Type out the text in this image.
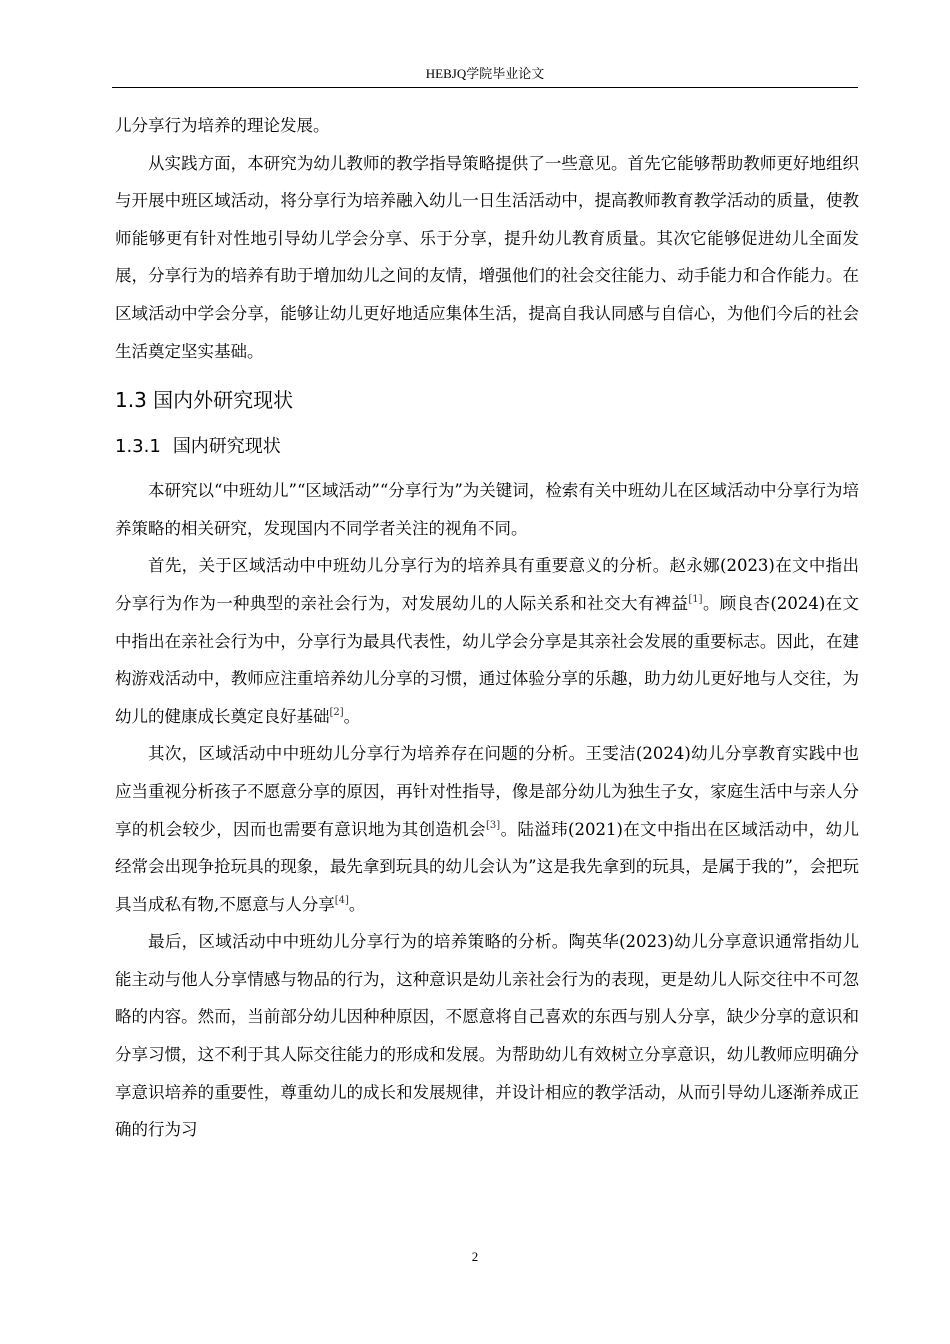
HEBJQ学院毕业论文

儿分享行为培养的理论发展。

从实践方面，本研究为幼儿教师的教学指导策略提供了一些意见。首先它能够帮助教师更好地组织与开展中班区域活动，将分享行为培养融入幼儿一日生活活动中，提高教师教育教学活动的质量，使教师能够更有针对性地引导幼儿学会分享、乐于分享，提升幼儿教育质量。其次它能够促进幼儿全面发展，分享行为的培养有助于增加幼儿之间的友情，增强他们的社会交往能力、动手能力和合作能力。在区域活动中学会分享，能够让幼儿更好地适应集体生活，提高自我认同感与自信心，为他们今后的社会生活奠定坚实基础。

1.3 国内外研究现状
1.3.1 国内研究现状

本研究以“中班幼儿”“区域活动”“分享行为”为关键词，检索有关中班幼儿在区域活动中分享行为培养策略的相关研究，发现国内不同学者关注的视角不同。

首先，关于区域活动中中班幼儿分享行为的培养具有重要意义的分析。赵永娜(2023)在文中指出分享行为作为一种典型的亲社会行为，对发展幼儿的人际关系和社交大有裨益[1]。顾良杏(2024)在文中指出在亲社会行为中，分享行为最具代表性，幼儿学会分享是其亲社会发展的重要标志。因此，在建构游戏活动中，教师应注重培养幼儿分享的习惯，通过体验分享的乐趣，助力幼儿更好地与人交往，为幼儿的健康成长奠定良好基础[2]。

其次，区域活动中中班幼儿分享行为培养存在问题的分析。王雯洁(2024)幼儿分享教育实践中也应当重视分析孩子不愿意分享的原因，再针对性指导，像是部分幼儿为独生子女，家庭生活中与亲人分享的机会较少，因而也需要有意识地为其创造机会[3]。陆溢玮(2021)在文中指出在区域活动中，幼儿经常会出现争抢玩具的现象，最先拿到玩具的幼儿会认为”这是我先拿到的玩具，是属于我的”，会把玩具当成私有物,不愿意与人分享[4]。

最后，区域活动中中班幼儿分享行为的培养策略的分析。陶英华(2023)幼儿分享意识通常指幼儿能主动与他人分享情感与物品的行为，这种意识是幼儿亲社会行为的表现，更是幼儿人际交往中不可忽略的内容。然而，当前部分幼儿因种种原因，不愿意将自己喜欢的东西与别人分享，缺少分享的意识和分享习惯，这不利于其人际交往能力的形成和发展。为帮助幼儿有效树立分享意识，幼儿教师应明确分享意识培养的重要性，尊重幼儿的成长和发展规律，并设计相应的教学活动，从而引导幼儿逐渐养成正确的行为习

2
